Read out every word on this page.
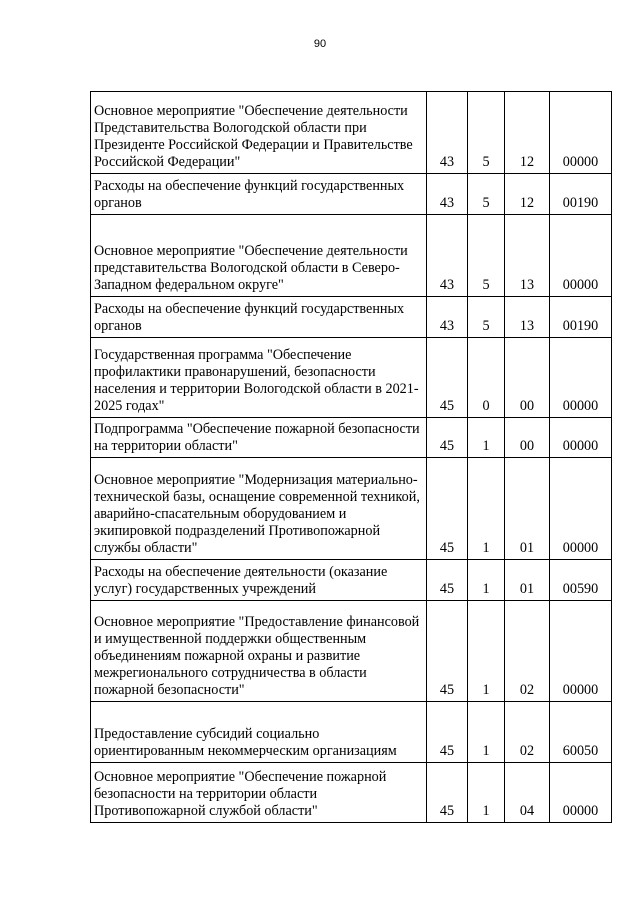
90
Основное мероприятие "Обеспечение деятельности Представительства Вологодской области при Президенте Российской Федерации и Правительстве Российской Федерации"	43	5	12	00000
Расходы на обеспечение функций государственных органов	43	5	12	00190
Основное мероприятие "Обеспечение деятельности представительства Вологодской области в Северо-Западном федеральном округе"	43	5	13	00000
Расходы на обеспечение функций государственных органов	43	5	13	00190
Государственная программа "Обеспечение профилактики правонарушений, безопасности населения и территории Вологодской области в 2021-2025 годах"	45	0	00	00000
Подпрограмма "Обеспечение пожарной безопасности на территории области"	45	1	00	00000
Основное мероприятие "Модернизация материально-технической базы, оснащение современной техникой, аварийно-спасательным оборудованием и экипировкой подразделений Противопожарной службы области"	45	1	01	00000
Расходы на обеспечение деятельности (оказание услуг) государственных учреждений	45	1	01	00590
Основное мероприятие "Предоставление финансовой и имущественной поддержки общественным объединениям пожарной охраны и развитие межрегионального сотрудничества в области пожарной безопасности"	45	1	02	00000
Предоставление субсидий социально ориентированным некоммерческим организациям	45	1	02	60050
Основное мероприятие "Обеспечение пожарной безопасности на территории области Противопожарной службой области"	45	1	04	00000
